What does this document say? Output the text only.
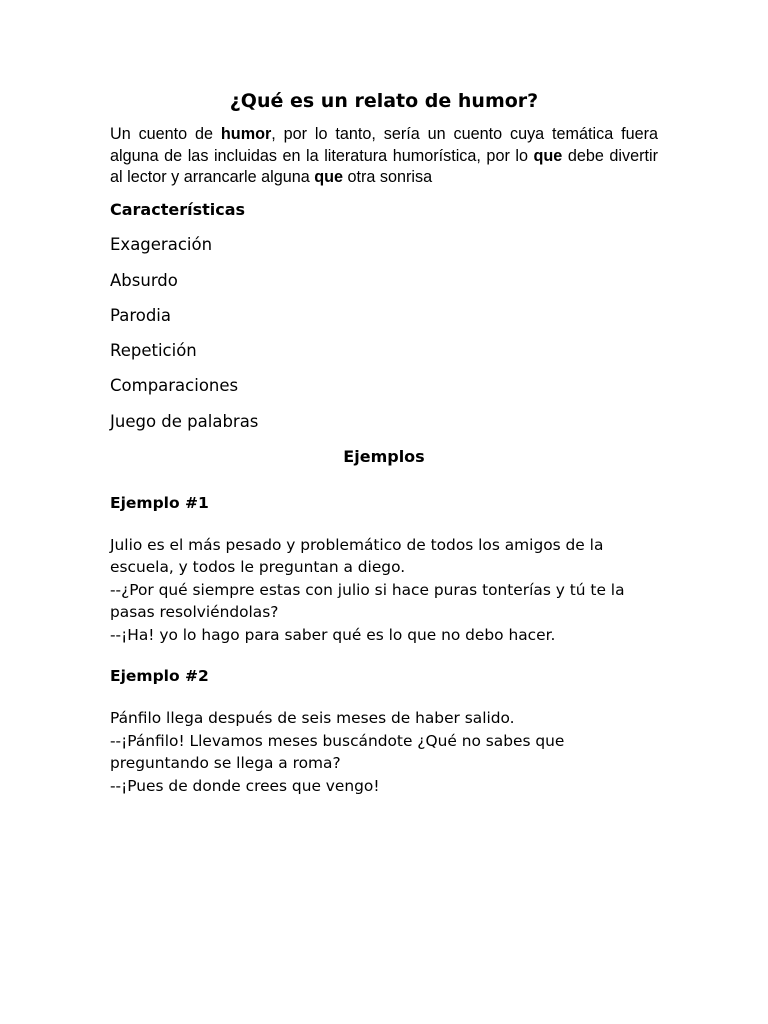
¿Qué es un relato de humor?

Un cuento de humor, por lo tanto, sería un cuento cuya temática fuera alguna de las incluidas en la literatura humorística, por lo que debe divertir al lector y arrancarle alguna que otra sonrisa

Características
Exageración
Absurdo
Parodia
Repetición
Comparaciones
Juego de palabras
Ejemplos
Ejemplo #1
Julio es el más pesado y problemático de todos los amigos de la
escuela, y todos le preguntan a diego.
--¿Por qué siempre estas con julio si hace puras tonterías y tú te la
pasas resolviéndolas?
--¡Ha! yo lo hago para saber qué es lo que no debo hacer.
Ejemplo #2
Pánfilo llega después de seis meses de haber salido.
--¡Pánfilo! Llevamos meses buscándote ¿Qué no sabes que
preguntando se llega a roma?
--¡Pues de donde crees que vengo!
